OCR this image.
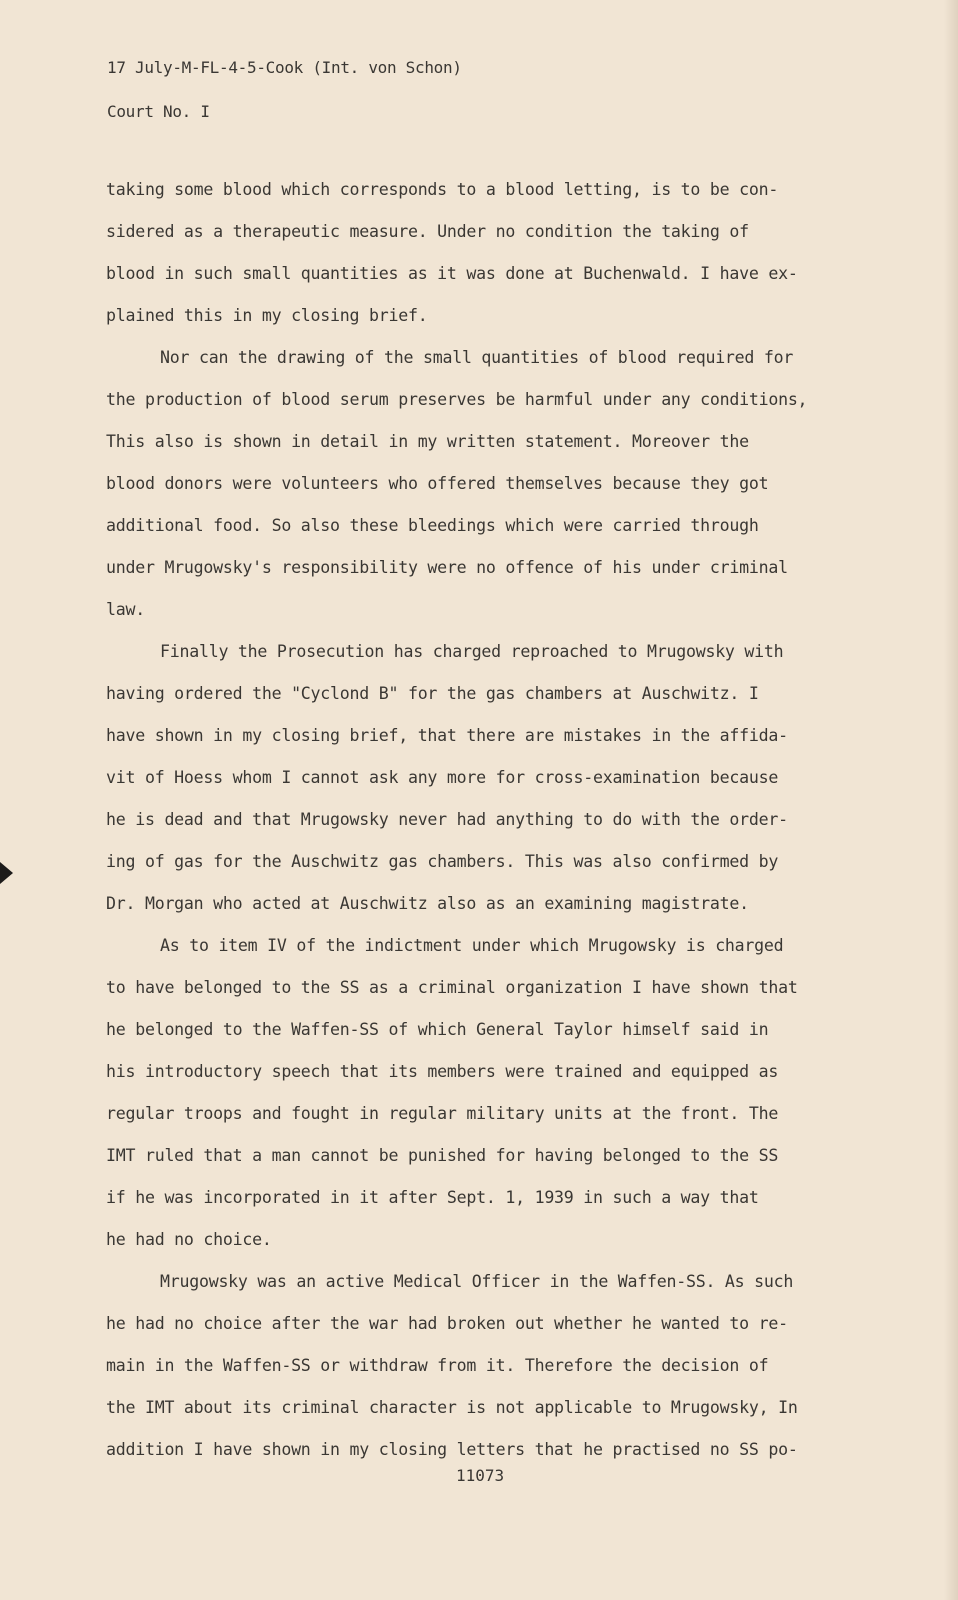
17 July-M-FL-4-5-Cook (Int. von Schon)
Court No. I
taking some blood which corresponds to a blood letting, is to be con-
sidered as a therapeutic measure. Under no condition the taking of
blood in such small quantities as it was done at Buchenwald. I have ex-
plained this in my closing brief.
Nor can the drawing of the small quantities of blood required for
the production of blood serum preserves be harmful under any conditions,
This also is shown in detail in my written statement. Moreover the
blood donors were volunteers who offered themselves because they got
additional food. So also these bleedings which were carried through
under Mrugowsky's responsibility were no offence of his under criminal
law.
Finally the Prosecution has charged reproached to Mrugowsky with
having ordered the "Cyclond B" for the gas chambers at Auschwitz. I
have shown in my closing brief, that there are mistakes in the affida-
vit of Hoess whom I cannot ask any more for cross-examination because
he is dead and that Mrugowsky never had anything to do with the order-
ing of gas for the Auschwitz gas chambers. This was also confirmed by
Dr. Morgan who acted at Auschwitz also as an examining magistrate.
As to item IV of the indictment under which Mrugowsky is charged
to have belonged to the SS as a criminal organization I have shown that
he belonged to the Waffen-SS of which General Taylor himself said in
his introductory speech that its members were trained and equipped as
regular troops and fought in regular military units at the front. The
IMT ruled that a man cannot be punished for having belonged to the SS
if he was incorporated in it after Sept. 1, 1939 in such a way that
he had no choice.
Mrugowsky was an active Medical Officer in the Waffen-SS. As such
he had no choice after the war had broken out whether he wanted to re-
main in the Waffen-SS or withdraw from it. Therefore the decision of
the IMT about its criminal character is not applicable to Mrugowsky, In
addition I have shown in my closing letters that he practised no SS po-
11073
